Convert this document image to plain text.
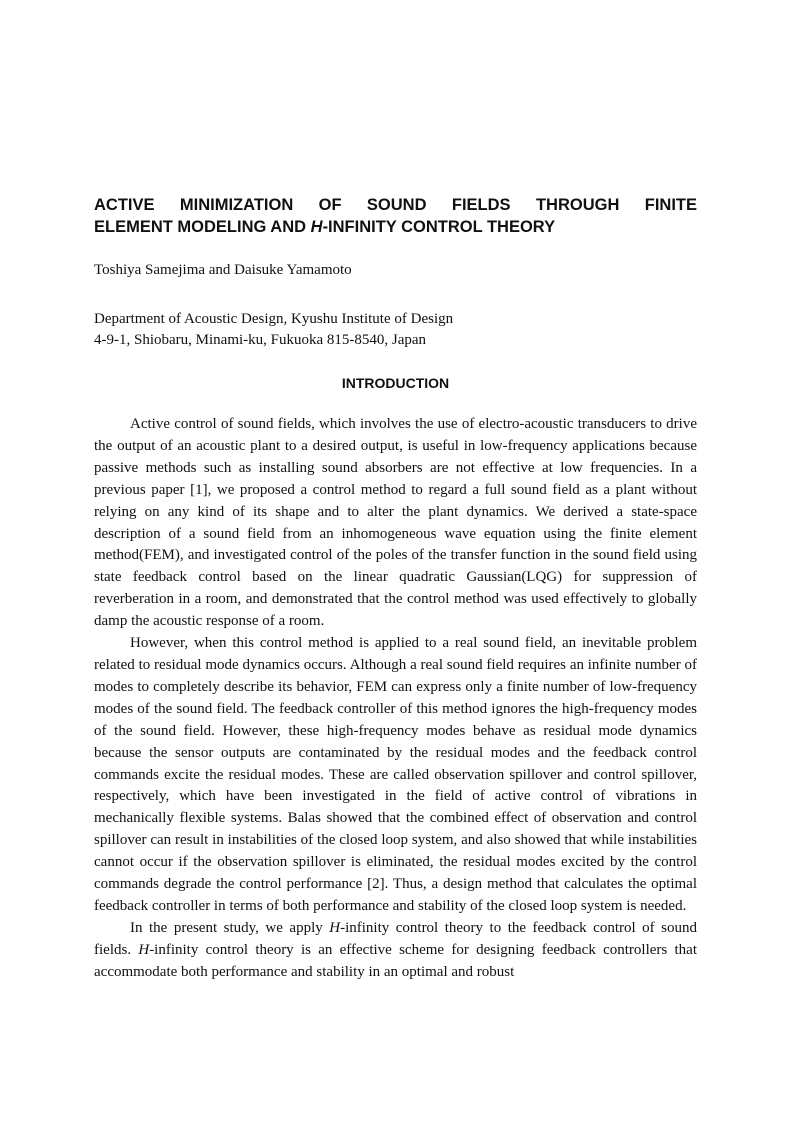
ACTIVE MINIMIZATION OF SOUND FIELDS THROUGH FINITE
ELEMENT MODELING AND H-INFINITY CONTROL THEORY

Toshiya Samejima and Daisuke Yamamoto

Department of Acoustic Design, Kyushu Institute of Design
4-9-1, Shiobaru, Minami-ku, Fukuoka 815-8540, Japan

INTRODUCTION

Active control of sound fields, which involves the use of electro-acoustic transducers to drive the output of an acoustic plant to a desired output, is useful in low-frequency applications because passive methods such as installing sound absorbers are not effective at low frequencies. In a previous paper [1], we proposed a control method to regard a full sound field as a plant without relying on any kind of its shape and to alter the plant dynamics. We derived a state-space description of a sound field from an inhomogeneous wave equation using the finite element method(FEM), and investigated control of the poles of the transfer function in the sound field using state feedback control based on the linear quadratic Gaussian(LQG) for suppression of reverberation in a room, and demonstrated that the control method was used effectively to globally damp the acoustic response of a room.

However, when this control method is applied to a real sound field, an inevitable problem related to residual mode dynamics occurs. Although a real sound field requires an infinite number of modes to completely describe its behavior, FEM can express only a finite number of low-frequency modes of the sound field. The feedback controller of this method ignores the high-frequency modes of the sound field. However, these high-frequency modes behave as residual mode dynamics because the sensor outputs are contaminated by the residual modes and the feedback control commands excite the residual modes. These are called observation spillover and control spillover, respectively, which have been investigated in the field of active control of vibrations in mechanically flexible systems. Balas showed that the combined effect of observation and control spillover can result in instabilities of the closed loop system, and also showed that while instabilities cannot occur if the observation spillover is eliminated, the residual modes excited by the control commands degrade the control performance [2]. Thus, a design method that calculates the optimal feedback controller in terms of both performance and stability of the closed loop system is needed.

In the present study, we apply H-infinity control theory to the feedback control of sound fields. H-infinity control theory is an effective scheme for designing feedback controllers that accommodate both performance and stability in an optimal and robust
